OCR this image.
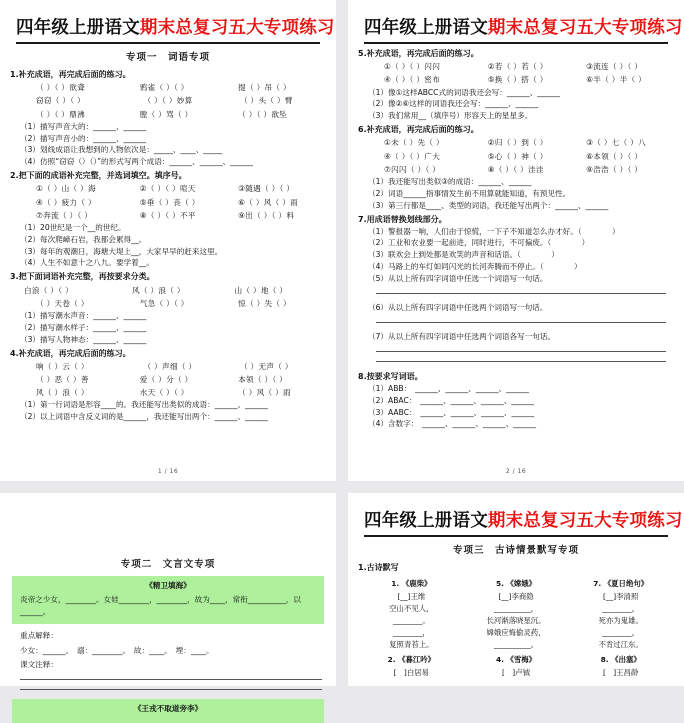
四年级上册语文期末总复习五大专项练习
专项一　词语专项
1.补充成语，再完成后面的练习。
（ ）（ ）欲聋	鸦雀（ ）（ ）	提（ ）吊（ ）
窃窃（ ）（ ）	（ ）（ ）妙算	（ ）头（ ）臂
（ ）（ ）鼎沸	膛（ ）骂（ ）	（ ）（ ）欲坠
（1）描写声音大的：______、______
（2）描写声音小的：______、______
（3）划线成语让我想到的人物依次是：_____、____、_____
（4）仿照“窃窃（）（）”的形式写两个成语：______、______、______
2.把下面的成语补充完整，并选词填空。填序号。
①（ ）山（ ）海	②（ ）（ ）喧天	③随遇（ ）（ ）
④（ ）疲力（ ）	⑤垂（ ）丧（ ）	⑥（ ）风（ ）雨
⑦奔流（ ）（ ）	⑧（ ）（ ）不平	⑨出（ ）（ ）料
（1）20世纪是一个__的世纪。
（2）每次爬嶂石岩，我都会累得__。
（3）每年的观潮日，海塘大堤上__，大家早早的赶来这里。
（4）人生不如意十之八九。要学着__。
3.把下面词语补充完整，再按要求分类。
白浪（ ）（ ）	风（ ）浪（ ）	山（ ）地（ ）
（ ）天卷（ ）	气急（ ）（ ）	惊（ ）失（ ）
（1）描写潮水声音：______、______
（2）描写潮水样子：______、______
（3）描写人物神态：______、______
4.补充成语，再完成后面的练习。
响（ ）云（ ）	（ ）声细（ ）	（ ）无声（ ）
（ ）恶（ ）善	爱（ ）分（ ）	本领（ ）（ ）
风（ ）浪（ ）	水天（ ）（ ）	（ ）风（ ）雨
（1）第一行词语是形容____的。我还能写出类似的成语：______、______
（2）以上词语中含反义词的是______，我还能写出两个：______、______
1 / 16
四年级上册语文期末总复习五大专项练习
5.补充成语，再完成后面的练习。
①（ ）（ ）闪闪	②若（ ）若（ ）	③流连（ ）（ ）
④（ ）（ ）密布	⑤换（ ）搭（ ）	⑥半（ ）半（ ）
（1）像①这样ABCC式的词语我还会写：______、______
（2）像②⑥这样的词语我还会写：______、______
（3）我们常用__（填序号）形容天上的星星多。
6.补充成语，再完成后面的练习。
①未（ ）先（ ）	②归（ ）到（ ）	③（ ）七（ ）八
④（ ）（ ）广大	⑤心（ ）神（ ）	⑥本领（ ）（ ）
⑦闪闪（ ）（ ）	⑧（ ）（ ）洼洼	⑨浩浩（ ）（ ）
（1）我还能写出类似③的成语：______、______
（2）词语______指事情发生前不用算就能知道，有预见性。
（3）第三行都是____、类型的词语，我还能写出两个：______、______
7.用成语替换划线部分。
（1）警报器一响，人们由于惊慌，一下子不知道怎么办才好。（　　　　）
（2）工业和农业要一起前进，同时进行，不可偏废。（　　　　）
（3）联欢会上到处都是欢笑的声音和话语。（　　　　）
（4）马路上的车灯如同闪光的长河奔腾而不停止。（　　　　）
（5）从以上所有四字词语中任选一个词语写一句话。
（6）从以上所有四字词语中任选两个词语写一句话。
（7）从以上所有四字词语中任选两个词语各写一句话。
8.按要求写词语。
（1）ABB：　______、______、______、______
（2）ABAC：　______、______、______、______
（3）AABC：　______、______、______、______
（4）含数字：　______、______、______、______
2 / 16
专项二　文言文专项
《精卫填海》
炎帝之少女，________。女娃________，________，故为____，常衔__________，以______。
重点解释：
少女：______。　溺：________。　故：____。　堙：____。
课文注释：
《王戎不取道旁李》
四年级上册语文期末总复习五大专项练习
专项三　古诗情景默写专项
1.古诗默写
1. 《鹿柴》
[__]王维
空山不见人，
________。
________，
复照青苔上。
2. 《暮江吟》
[　]白居易
5. 《嫦娥》
[__]李商隐
__________，
长河渐落晓星沉。
嫦娥应悔偷灵药，
__________。
4. 《雪梅》
[　]卢钺
7. 《夏日绝句》
[__]李清照
________，
死亦为鬼雄。
________，
不肯过江东。
8. 《出塞》
[　]王昌龄
